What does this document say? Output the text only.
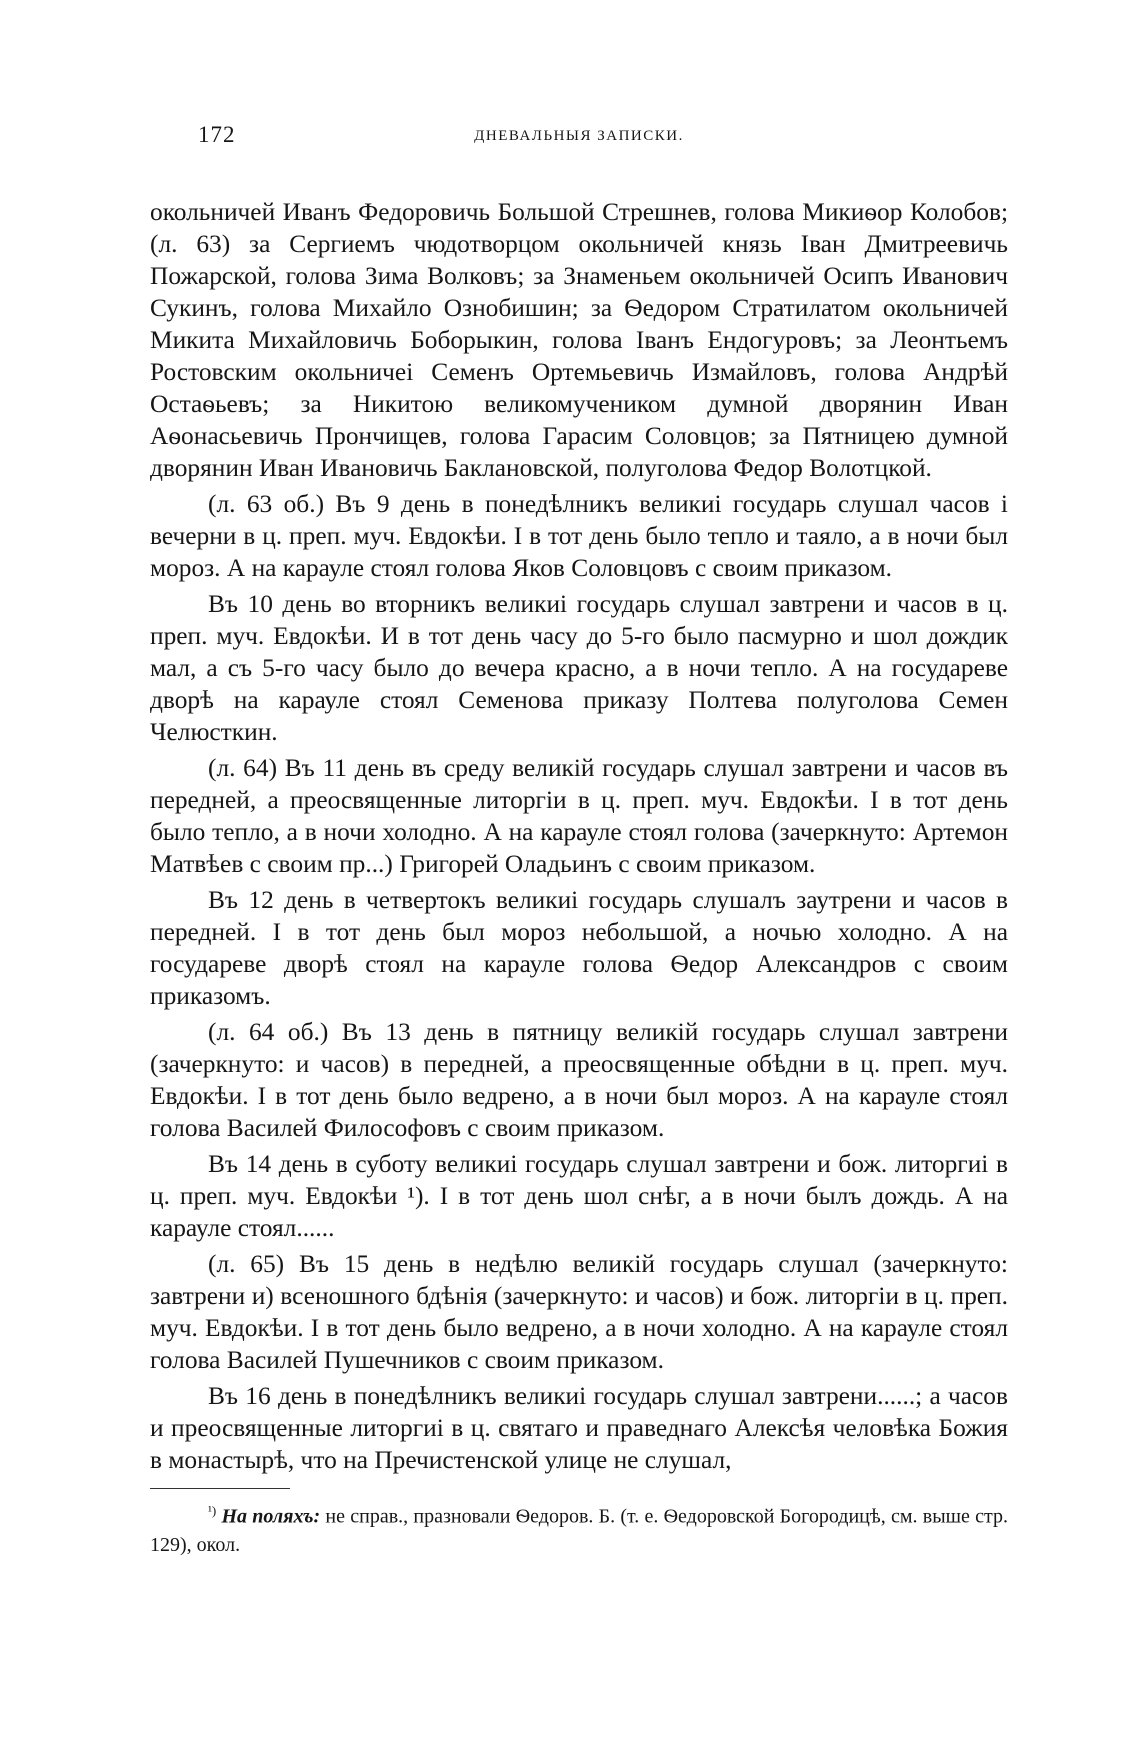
172	ДНЕВАЛЬНЫЯ ЗАПИСКИ.

окольничей Иванъ Федоровичь Большой Стрешнев, голова Микиѳор Колобов; (л. 63) за Сергиемъ чюдотворцом окольничей князь Іван Дмитреевичь Пожарской, голова Зима Волковъ; за Знаменьем окольничей Осипъ Иванович Сукинъ, голова Михайло Ознобишин; за Ѳедором Стратилатом окольничей Микита Михайловичь Боборыкин, голова Іванъ Ендогуровъ; за Леонтьемъ Ростовским окольничеі Семенъ Ортемьевичь Измайловъ, голова Андрѣй Остаѳьевъ; за Никитою великомучеником думной дворянин Иван Аѳонасьевичь Прончищев, голова Гарасим Соловцов; за Пятницею думной дворянин Иван Ивановичь Баклановской, полуголова Федор Волотцкой.

(л. 63 об.) Въ 9 день в понедѣлникъ великиі государь слушал часов і вечерни в ц. преп. муч. Евдокѣи. І в тот день было тепло и таяло, а в ночи был мороз. А на карауле стоял голова Яков Соловцовъ с своим приказом.

Въ 10 день во вторникъ великиі государь слушал завтрени и часов в ц. преп. муч. Евдокѣи. И в тот день часу до 5-го было пасмурно и шол дождик мал, а съ 5-го часу было до вечера красно, а в ночи тепло. А на государеве дворѣ на карауле стоял Семенова приказу Полтева полуголова Семен Челюсткин.

(л. 64) Въ 11 день въ среду великій государь слушал завтрени и часов въ передней, а преосвященные литоргіи в ц. преп. муч. Евдокѣи. І в тот день было тепло, а в ночи холодно. А на карауле стоял голова (зачеркнуто: Артемон Матвѣев с своим пр...) Григорей Оладьинъ с своим приказом.

Въ 12 день в четвертокъ великиі государь слушалъ заутрени и часов в передней. І в тот день был мороз небольшой, а ночью холодно. А на государеве дворѣ стоял на карауле голова Ѳедор Александров с своим приказомъ.

(л. 64 об.) Въ 13 день в пятницу великій государь слушал завтрени (зачеркнуто: и часов) в передней, а преосвященные обѣдни в ц. преп. муч. Евдокѣи. І в тот день было ведрено, а в ночи был мороз. А на карауле стоял голова Василей Философовъ с своим приказом.

Въ 14 день в суботу великиі государь слушал завтрени и бож. литоргиі в ц. преп. муч. Евдокѣи ¹). І в тот день шол снѣг, а в ночи былъ дождь. А на карауле стоял......

(л. 65) Въ 15 день в недѣлю великій государь слушал (зачеркнуто: завтрени и) всеношного бдѣнія (зачеркнуто: и часов) и бож. литоргіи в ц. преп. муч. Евдокѣи. І в тот день было ведрено, а в ночи холодно. А на карауле стоял голова Василей Пушечников с своим приказом.

Въ 16 день в понедѣлникъ великиі государь слушал завтрени......; а часов и преосвященные литоргиі в ц. святаго и праведнаго Алексѣя человѣка Божия в монастырѣ, что на Пречистенской улице не слушал,

$^{^1)}$ На поляхъ: не справ., празновали Ѳедоров. Б. (т. е. Ѳедоровской Богородицѣ, см. выше стр. 129), окол.
